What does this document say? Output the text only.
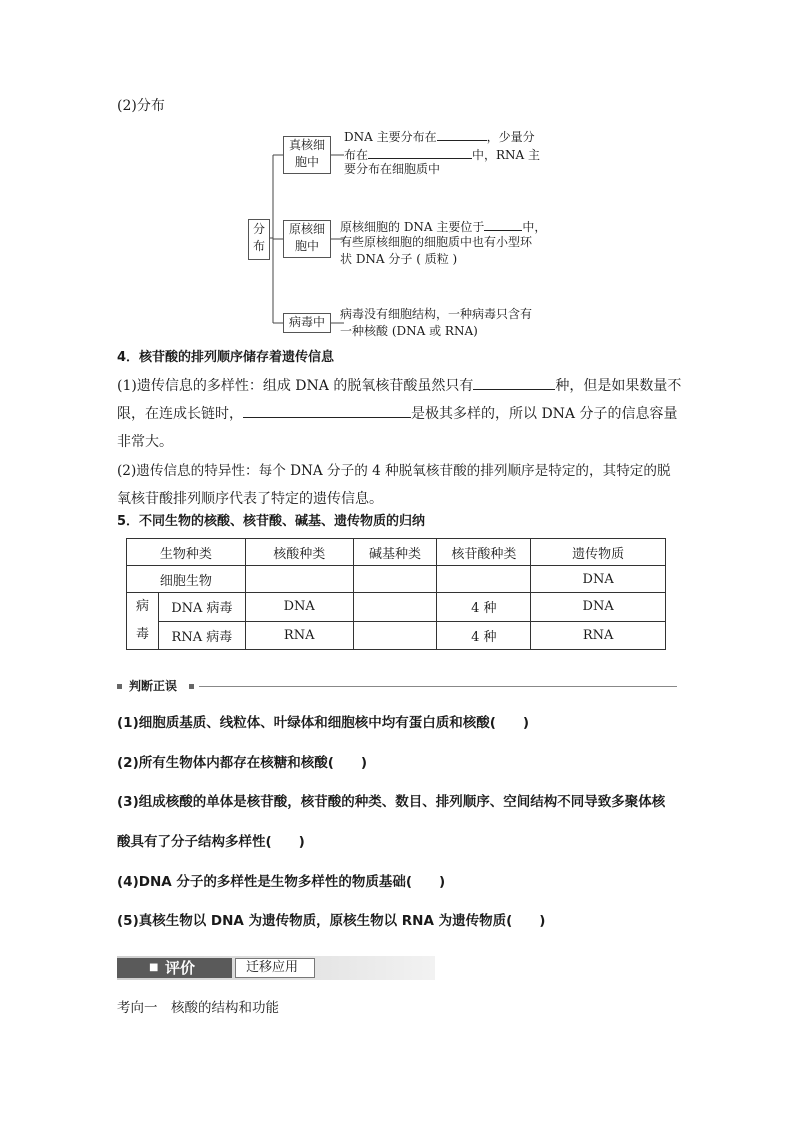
(2)分布
分布
真核细胞中
原核细胞中
病毒中
DNA 主要分布在	，少量分
布在	中，RNA 主
要分布在细胞质中
原核细胞的 DNA 主要位于	中，
有些原核细胞的细胞质中也有小型环
状 DNA 分子 ( 质粒 )
病毒没有细胞结构，一种病毒只含有
一种核酸 (DNA 或 RNA)
4．核苷酸的排列顺序储存着遗传信息
(1)遗传信息的多样性：组成 DNA 的脱氧核苷酸虽然只有	种，但是如果数量不
限，在连成长链时，	是极其多样的，所以 DNA 分子的信息容量
非常大。
(2)遗传信息的特异性：每个 DNA 分子的 4 种脱氧核苷酸的排列顺序是特定的，其特定的脱
氧核苷酸排列顺序代表了特定的遗传信息。
5．不同生物的核酸、核苷酸、碱基、遗传物质的归纳
生物种类		核酸种类	碱基种类	核苷酸种类	遗传物质
细胞生物					DNA
病
毒	DNA 病毒	DNA		4 种	DNA
	RNA 病毒	RNA		4 种	RNA
判断正误
(1)细胞质基质、线粒体、叶绿体和细胞核中均有蛋白质和核酸(　　)
(2)所有生物体内都存在核糖和核酸(　　)
(3)组成核酸的单体是核苷酸，核苷酸的种类、数目、排列顺序、空间结构不同导致多聚体核
酸具有了分子结构多样性(　　)
(4)DNA 分子的多样性是生物多样性的物质基础(　　)
(5)真核生物以 DNA 为遗传物质，原核生物以 RNA 为遗传物质(　　)
■ 评价	迁移应用
考向一　核酸的结构和功能
